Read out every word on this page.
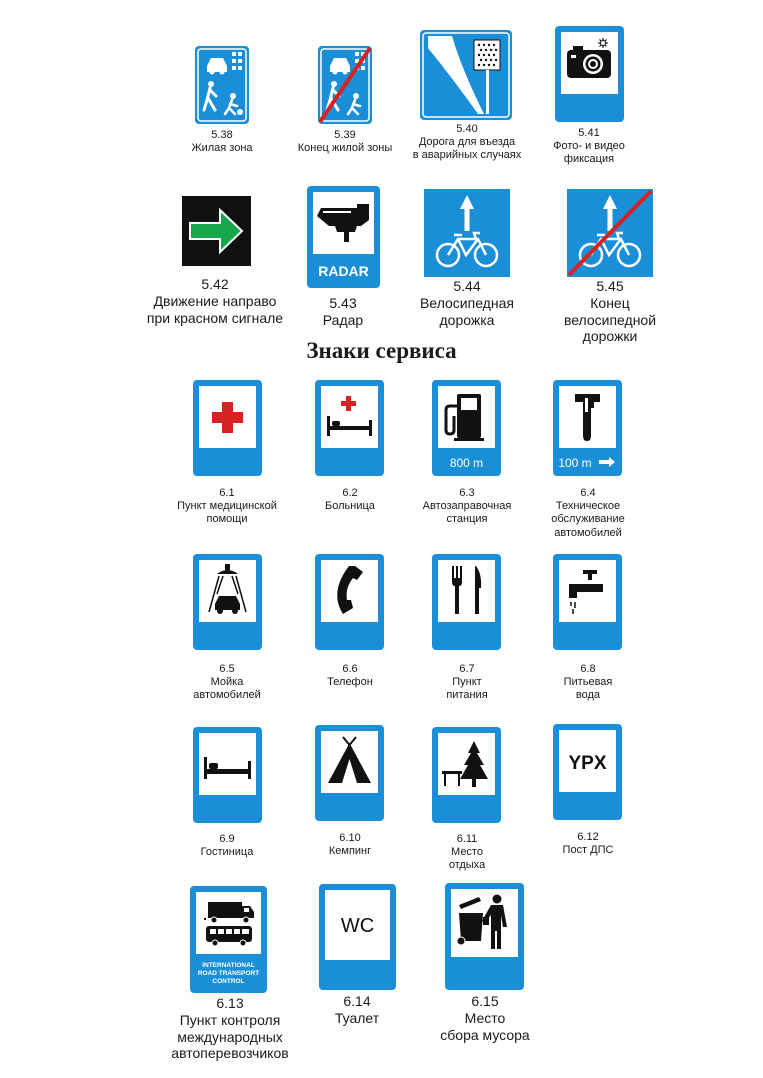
5.38
Жилая зона
5.39
Конец жилой зоны
5.40
Дорога для въезда
в аварийных случаях
5.41
Фото- и видео
фиксация
5.42
Движение направо
при красном сигнале
RADAR
5.43
Радар
5.44
Велосипедная
дорожка
5.45
Конец
велосипедной
дорожки
Знаки сервиса
6.1
Пункт медицинской
помощи
6.2
Больница
800 m
6.3
Автозаправочная
станция
100 m
6.4
Техническое
обслуживание
автомобилей
6.5
Мойка
автомобилей
6.6
Телефон
6.7
Пункт
питания
6.8
Питьевая
вода
6.9
Гостиница
6.10
Кемпинг
6.11
Место
отдыха
YPX
6.12
Пост ДПС
INTERNATIONAL
ROAD TRANSPORT
CONTROL
6.13
Пункт контроля
международных
автоперевозчиков
WC
6.14
Туалет
6.15
Место
сбора мусора
